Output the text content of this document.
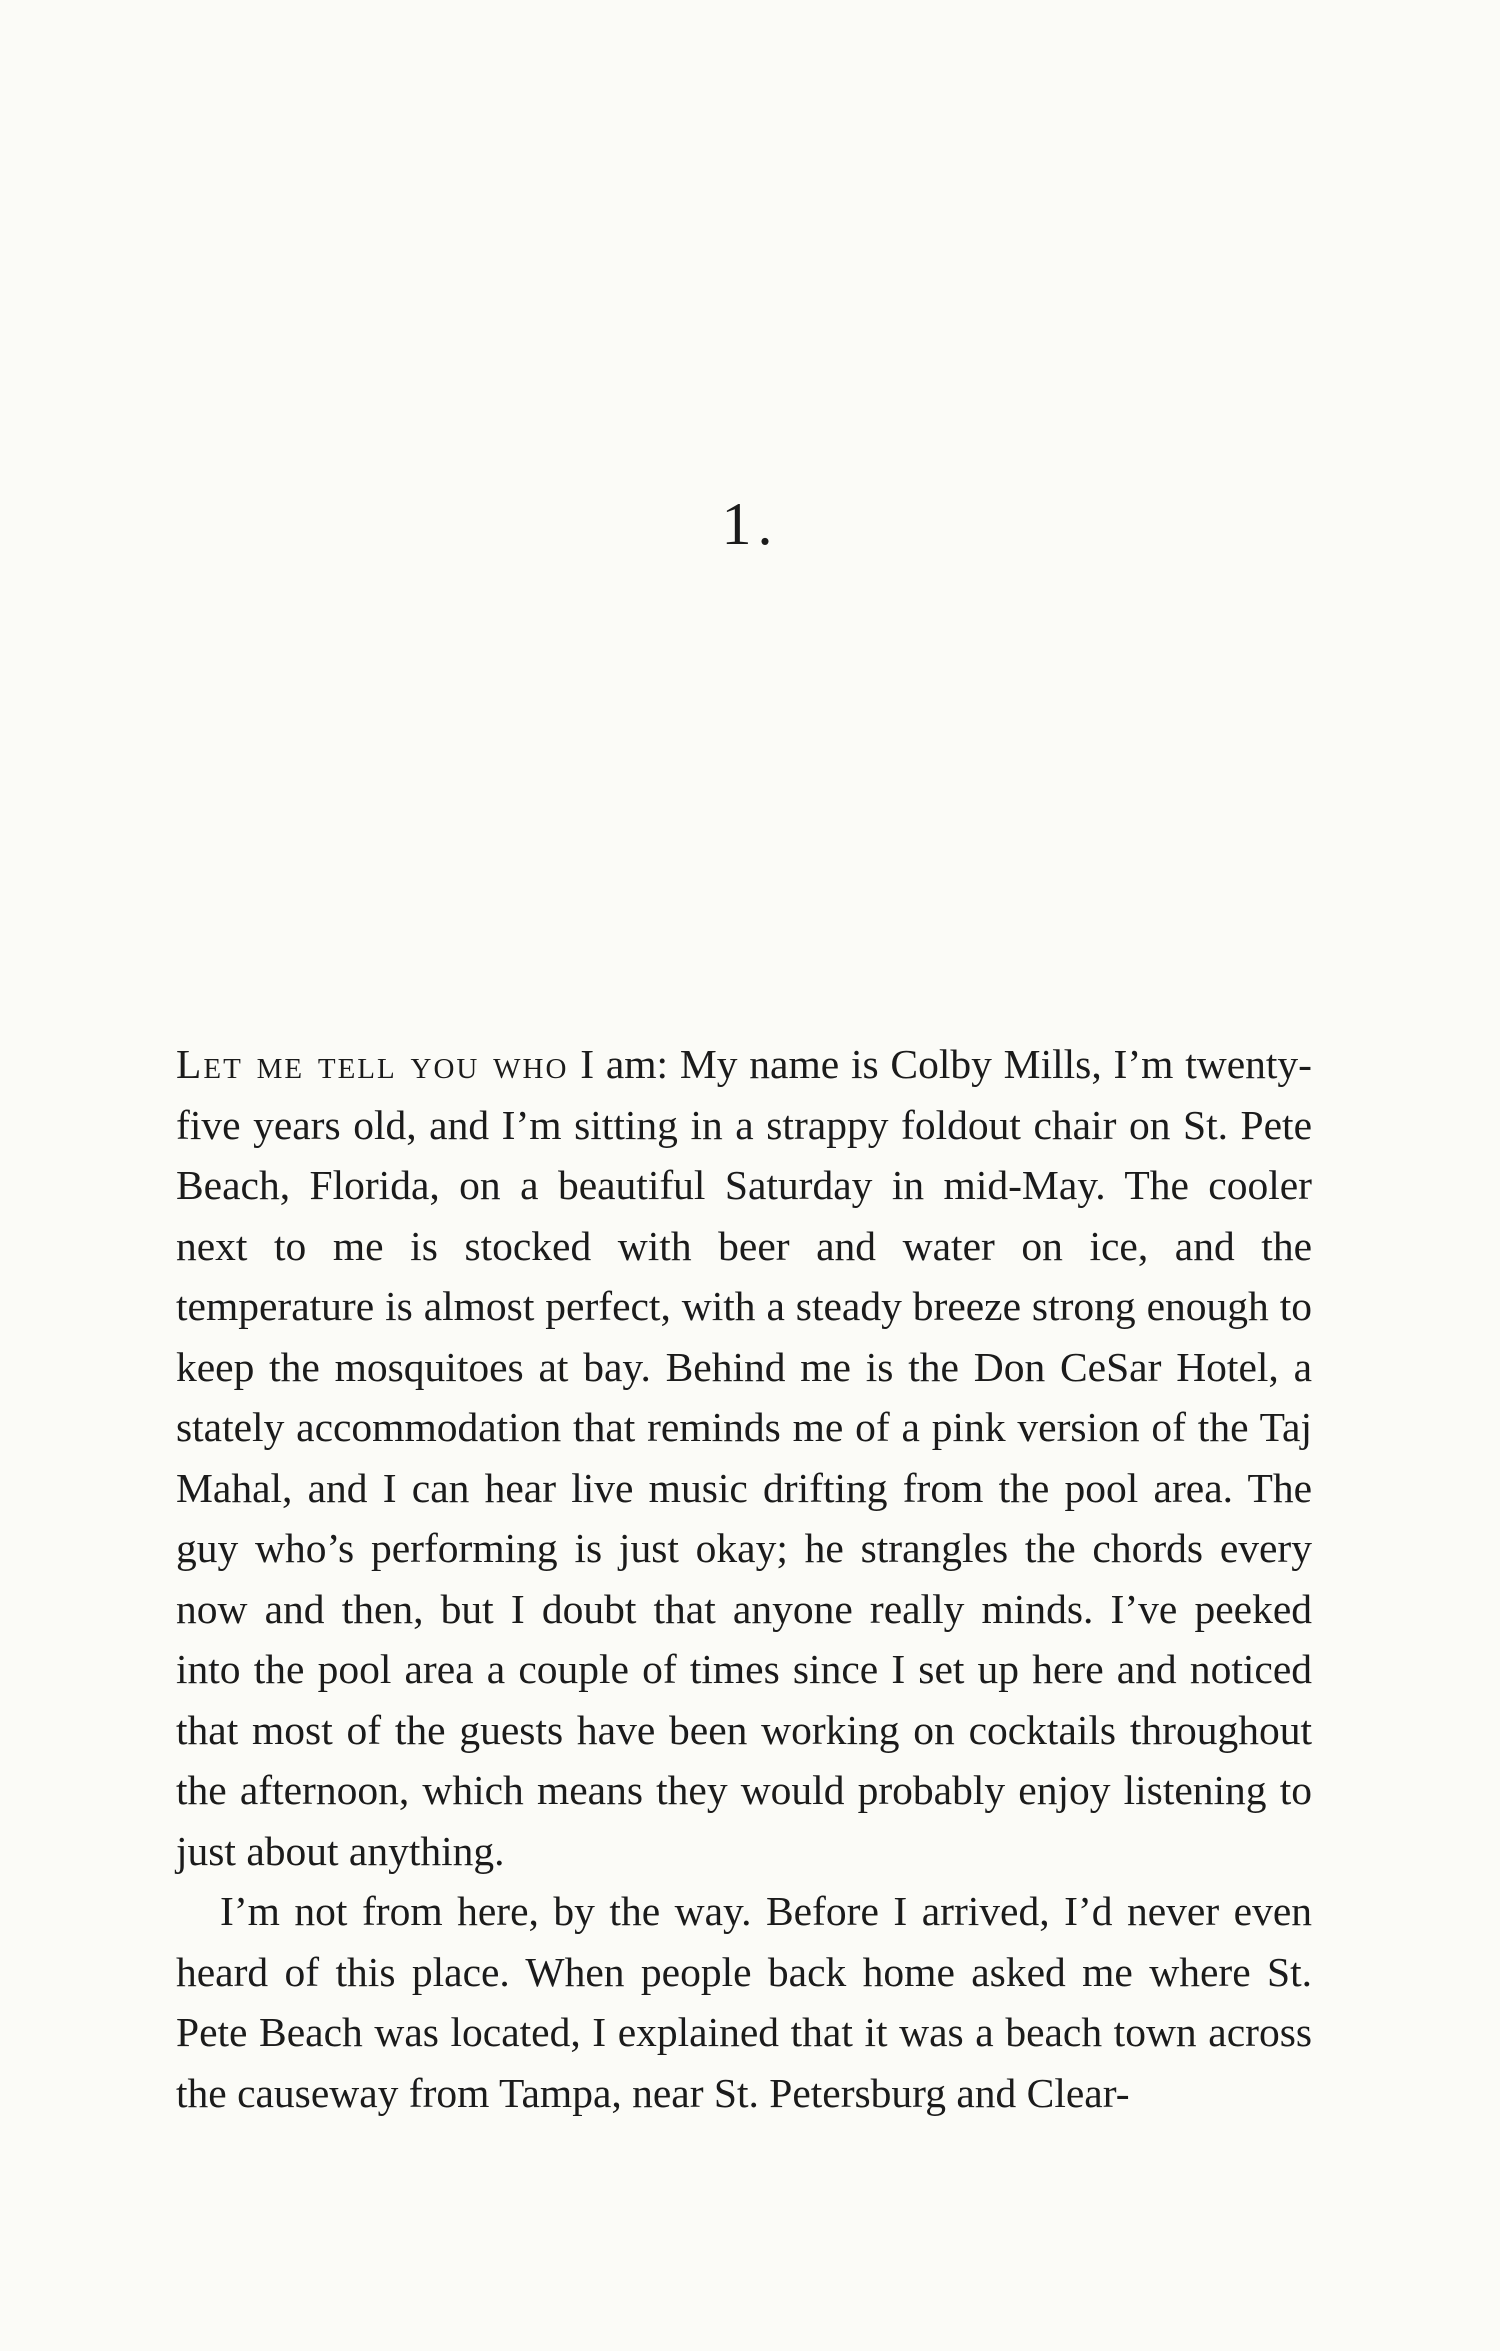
1.

Let me tell you who I am: My name is Colby Mills, I’m twenty-five years old, and I’m sitting in a strappy foldout chair on St. Pete Beach, Florida, on a beautiful Saturday in mid-May. The cooler next to me is stocked with beer and water on ice, and the temperature is almost perfect, with a steady breeze strong enough to keep the mosquitoes at bay. Behind me is the Don CeSar Hotel, a stately accommodation that reminds me of a pink version of the Taj Mahal, and I can hear live music drifting from the pool area. The guy who’s performing is just okay; he strangles the chords every now and then, but I doubt that anyone really minds. I’ve peeked into the pool area a couple of times since I set up here and noticed that most of the guests have been working on cocktails throughout the afternoon, which means they would probably enjoy listening to just about anything.

I’m not from here, by the way. Before I arrived, I’d never even heard of this place. When people back home asked me where St. Pete Beach was located, I explained that it was a beach town across the causeway from Tampa, near St. Petersburg and Clear-
